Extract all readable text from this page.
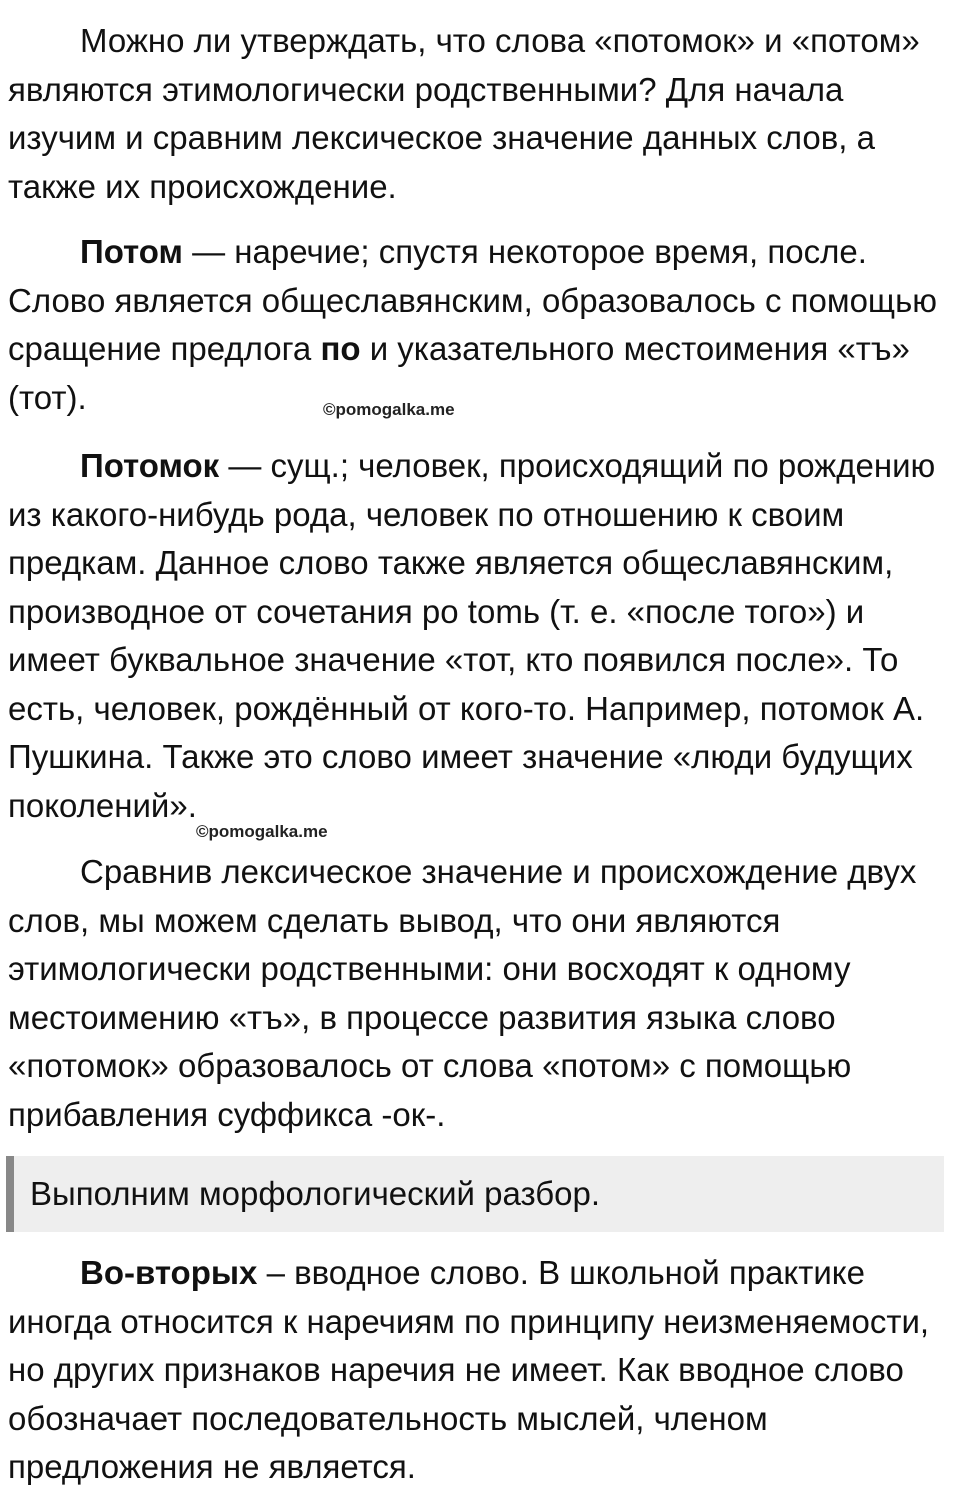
Можно ли утверждать, что слова «потомок» и «потом»
являются этимологически родственными? Для начала
изучим и сравним лексическое значение данных слов, а
также их происхождение.

Потом — наречие; спустя некоторое время, после.
Слово является общеславянским, образовалось с помощью
сращение предлога по и указательного местоимения «тъ»
(тот).	©pomogalka.me

Потомок — сущ.; человек, происходящий по рождению
из какого-нибудь рода, человек по отношению к своим
предкам. Данное слово также является общеславянским,
производное от сочетания po tomь (т. е. «после того») и
имеет буквальное значение «тот, кто появился после». То
есть, человек, рождённый от кого-то. Например, потомок А.
Пушкина. Также это слово имеет значение «люди будущих
поколений».

©pomogalka.me

Сравнив лексическое значение и происхождение двух
слов, мы можем сделать вывод, что они являются
этимологически родственными: они восходят к одному
местоимению «тъ», в процессе развития языка слово
«потомок» образовалось от слова «потом» с помощью
прибавления суффикса -ок-.

Выполним морфологический разбор.

Во-вторых – вводное слово. В школьной практике
иногда относится к наречиям по принципу неизменяемости,
но других признаков наречия не имеет. Как вводное слово
обозначает последовательность мыслей, членом
предложения не является.
